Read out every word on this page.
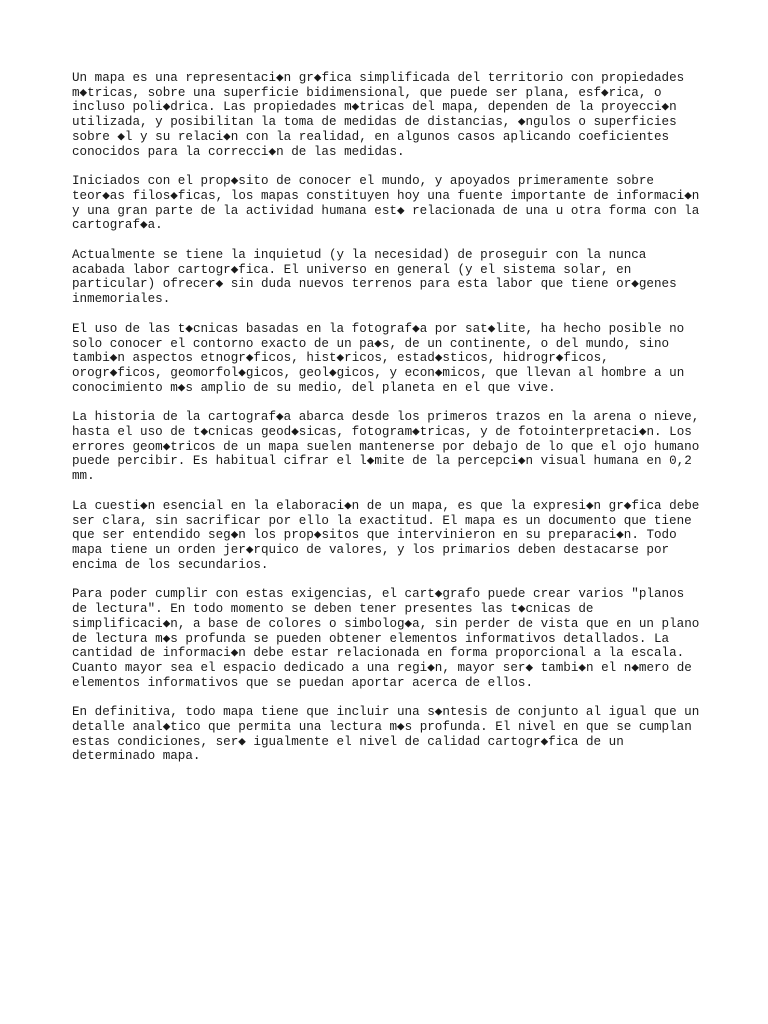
Un mapa es una representaci◆n gr◆fica simplificada del territorio con propiedades
m◆tricas, sobre una superficie bidimensional, que puede ser plana, esf◆rica, o
incluso poli◆drica. Las propiedades m◆tricas del mapa, dependen de la proyecci◆n
utilizada, y posibilitan la toma de medidas de distancias, ◆ngulos o superficies
sobre ◆l y su relaci◆n con la realidad, en algunos casos aplicando coeficientes
conocidos para la correcci◆n de las medidas.

Iniciados con el prop◆sito de conocer el mundo, y apoyados primeramente sobre
teor◆as filos◆ficas, los mapas constituyen hoy una fuente importante de informaci◆n
y una gran parte de la actividad humana est◆ relacionada de una u otra forma con la
cartograf◆a.

Actualmente se tiene la inquietud (y la necesidad) de proseguir con la nunca
acabada labor cartogr◆fica. El universo en general (y el sistema solar, en
particular) ofrecer◆ sin duda nuevos terrenos para esta labor que tiene or◆genes
inmemoriales.

El uso de las t◆cnicas basadas en la fotograf◆a por sat◆lite, ha hecho posible no
solo conocer el contorno exacto de un pa◆s, de un continente, o del mundo, sino
tambi◆n aspectos etnogr◆ficos, hist◆ricos, estad◆sticos, hidrogr◆ficos,
orogr◆ficos, geomorfol◆gicos, geol◆gicos, y econ◆micos, que llevan al hombre a un
conocimiento m◆s amplio de su medio, del planeta en el que vive.

La historia de la cartograf◆a abarca desde los primeros trazos en la arena o nieve,
hasta el uso de t◆cnicas geod◆sicas, fotogram◆tricas, y de fotointerpretaci◆n. Los
errores geom◆tricos de un mapa suelen mantenerse por debajo de lo que el ojo humano
puede percibir. Es habitual cifrar el l◆mite de la percepci◆n visual humana en 0,2
mm.

La cuesti◆n esencial en la elaboraci◆n de un mapa, es que la expresi◆n gr◆fica debe
ser clara, sin sacrificar por ello la exactitud. El mapa es un documento que tiene
que ser entendido seg◆n los prop◆sitos que intervinieron en su preparaci◆n. Todo
mapa tiene un orden jer◆rquico de valores, y los primarios deben destacarse por
encima de los secundarios.

Para poder cumplir con estas exigencias, el cart◆grafo puede crear varios "planos
de lectura". En todo momento se deben tener presentes las t◆cnicas de
simplificaci◆n, a base de colores o simbolog◆a, sin perder de vista que en un plano
de lectura m◆s profunda se pueden obtener elementos informativos detallados. La
cantidad de informaci◆n debe estar relacionada en forma proporcional a la escala.
Cuanto mayor sea el espacio dedicado a una regi◆n, mayor ser◆ tambi◆n el n◆mero de
elementos informativos que se puedan aportar acerca de ellos.

En definitiva, todo mapa tiene que incluir una s◆ntesis de conjunto al igual que un
detalle anal◆tico que permita una lectura m◆s profunda. El nivel en que se cumplan
estas condiciones, ser◆ igualmente el nivel de calidad cartogr◆fica de un
determinado mapa.
